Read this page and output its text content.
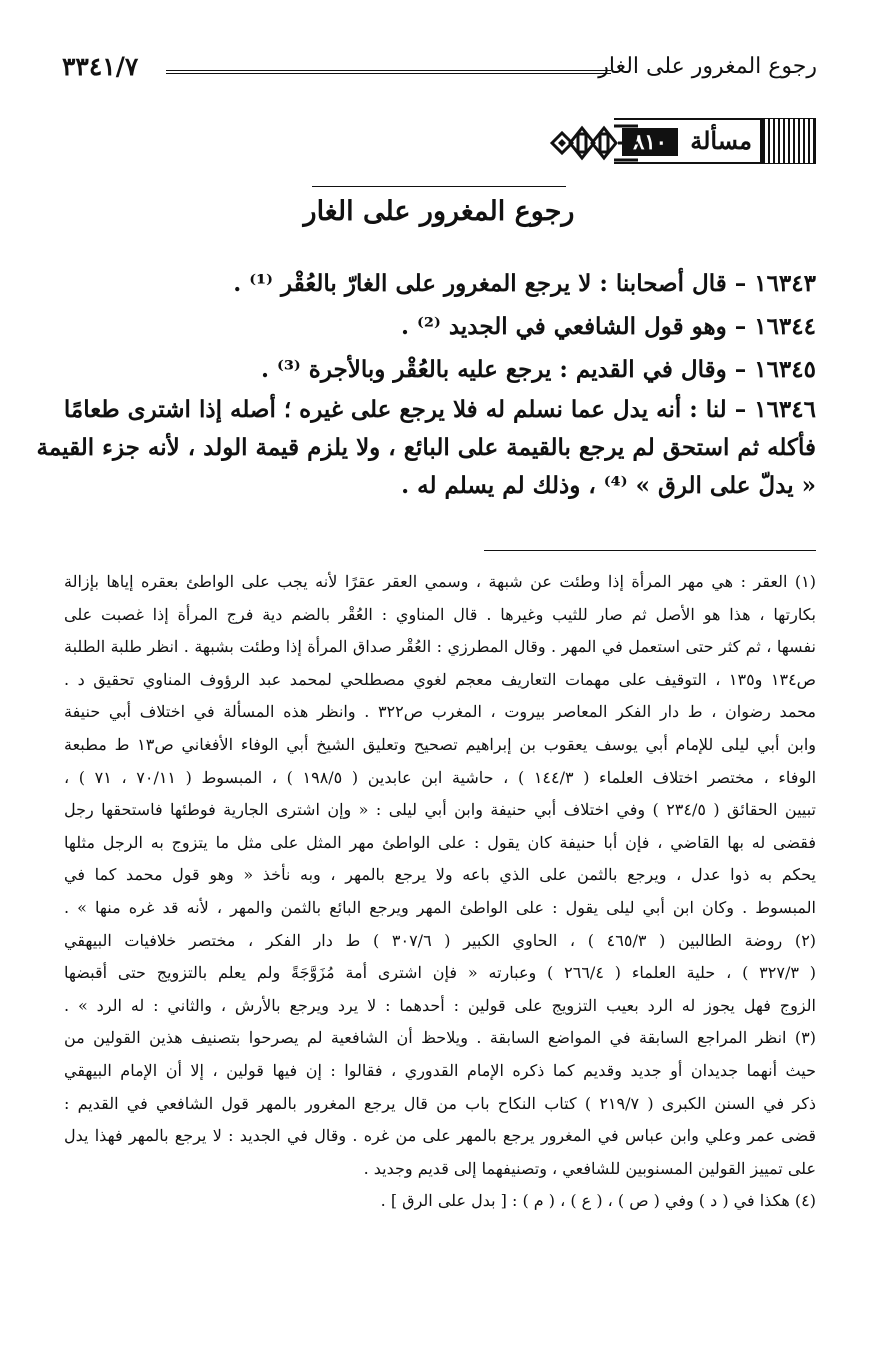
رجوع المغرور على الغار
٣٣٤١/٧
مسألة
٨١٠
رجوع المغرور على الغار

١٦٣٤٣ – قال أصحابنا : لا يرجع المغرور على الغارّ بالعُقْر ⁽¹⁾ .

١٦٣٤٤ – وهو قول الشافعي في الجديد ⁽²⁾ .

١٦٣٤٥ – وقال في القديم : يرجع عليه بالعُقْر وبالأجرة ⁽³⁾ .

١٦٣٤٦ – لنا : أنه يدل عما نسلم له فلا يرجع على غيره ؛ أصله إذا اشترى طعامًا
فأكله ثم استحق لم يرجع بالقيمة على البائع ، ولا يلزم قيمة الولد ، لأنه جزء القيمة
« يدلّ على الرق » ⁽⁴⁾ ، وذلك لم يسلم له .
(١) العقر : هي مهر المرأة إذا وطئت عن شبهة ، وسمي العقر عقرًا لأنه يجب على الواطئ بعقره إياها بإزالة
بكارتها ، هذا هو الأصل ثم صار للثيب وغيرها . قال المناوي : العُقْر بالضم دية فرج المرأة إذا غصبت على
نفسها ، ثم كثر حتى استعمل في المهر . وقال المطرزي : العُقْر صداق المرأة إذا وطئت بشبهة . انظر طلبة الطلبة
ص١٣٤ و١٣٥ ، التوقيف على مهمات التعاريف معجم لغوي مصطلحي لمحمد عبد الرؤوف المناوي تحقيق د .
محمد رضوان ، ط دار الفكر المعاصر بيروت ، المغرب ص٣٢٢ . وانظر هذه المسألة في اختلاف أبي حنيفة
وابن أبي ليلى للإمام أبي يوسف يعقوب بن إبراهيم تصحيح وتعليق الشيخ أبي الوفاء الأفغاني ص١٣ ط مطبعة
الوفاء ، مختصر اختلاف العلماء ( ١٤٤/٣ ) ، حاشية ابن عابدين ( ١٩٨/٥ ) ، المبسوط ( ٧٠/١١ ، ٧١ ) ،
تبيين الحقائق ( ٢٣٤/٥ ) وفي اختلاف أبي حنيفة وابن أبي ليلى : « وإن اشترى الجارية فوطئها فاستحقها رجل
فقضى له بها القاضي ، فإن أبا حنيفة كان يقول : على الواطئ مهر المثل على مثل ما يتزوج به الرجل مثلها
يحكم به ذوا عدل ، ويرجع بالثمن على الذي باعه ولا يرجع بالمهر ، وبه نأخذ « وهو قول محمد كما في
المبسوط . وكان ابن أبي ليلى يقول : على الواطئ المهر ويرجع البائع بالثمن والمهر ، لأنه قد غره منها » .
(٢) روضة الطالبين ( ٤٦٥/٣ ) ، الحاوي الكبير ( ٣٠٧/٦ ) ط دار الفكر ، مختصر خلافيات البيهقي
( ٣٢٧/٣ ) ، حلية العلماء ( ٢٦٦/٤ ) وعبارته « فإن اشترى أمة مُزَوَّجَةً ولم يعلم بالتزويج حتى أقبضها
الزوج فهل يجوز له الرد بعيب التزويج على قولين : أحدهما : لا يرد ويرجع بالأرش ، والثاني : له الرد » .
(٣) انظر المراجع السابقة في المواضع السابقة . ويلاحظ أن الشافعية لم يصرحوا بتصنيف هذين القولين من
حيث أنهما جديدان أو جديد وقديم كما ذكره الإمام القدوري ، فقالوا : إن فيها قولين ، إلا أن الإمام البيهقي
ذكر في السنن الكبرى ( ٢١٩/٧ ) كتاب النكاح باب من قال يرجع المغرور بالمهر قول الشافعي في القديم :
قضى عمر وعلي وابن عباس في المغرور يرجع بالمهر على من غره . وقال في الجديد : لا يرجع بالمهر فهذا يدل
على تمييز القولين المسنوبين للشافعي ، وتصنيفهما إلى قديم وجديد .
(٤) هكذا في ( د ) وفي ( ص ) ، ( ع ) ، ( م ) : [ بدل على الرق ] .
